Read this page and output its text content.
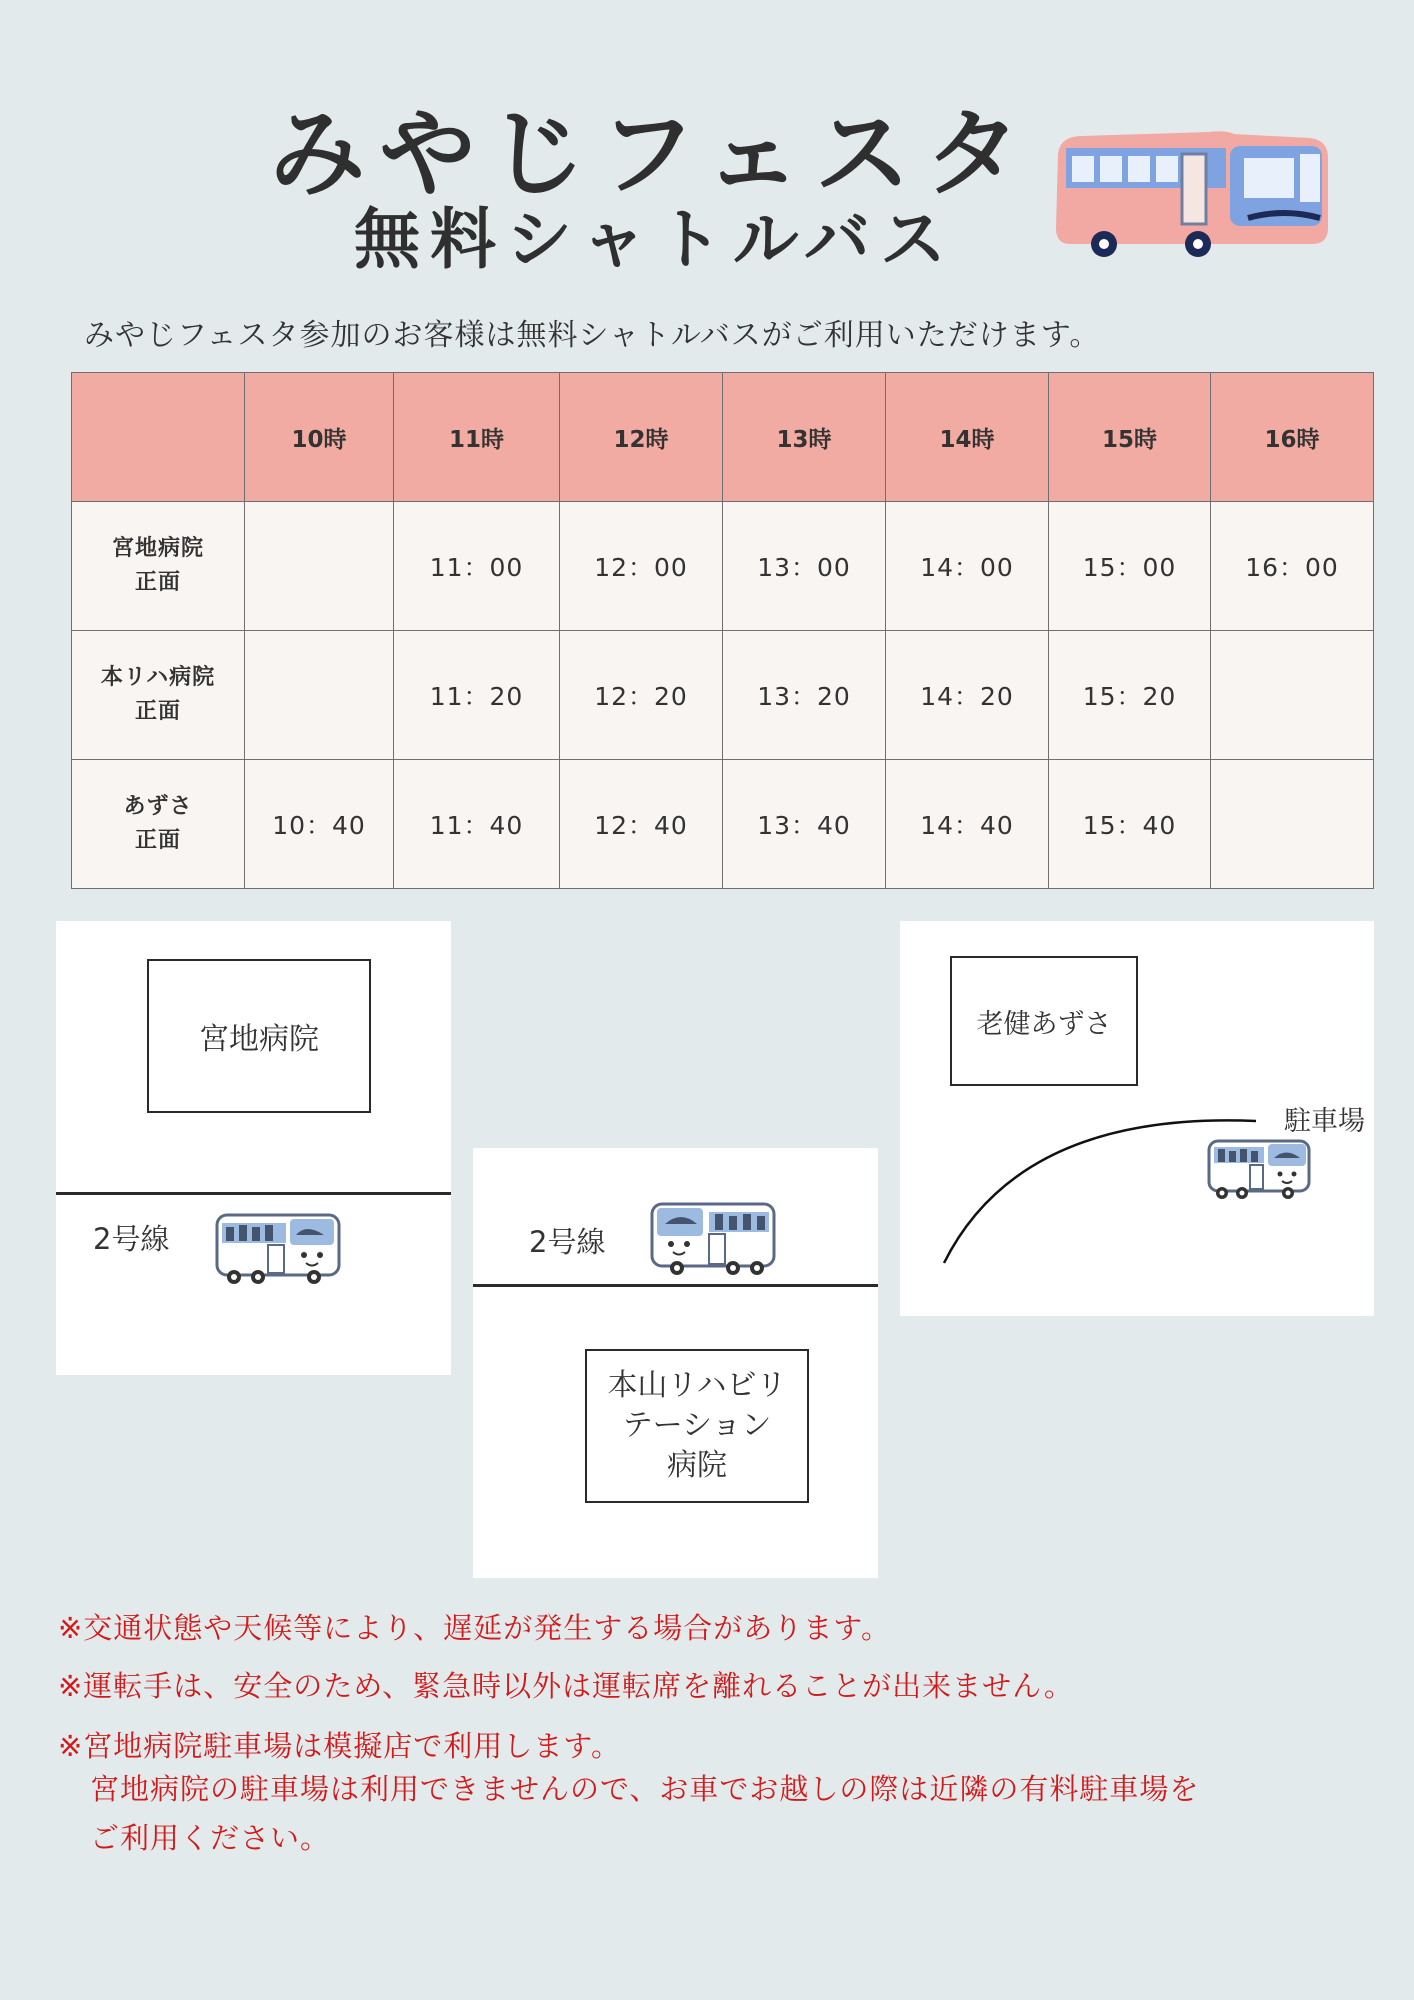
みやじフェスタ
無料シャトルバス
みやじフェスタ参加のお客様は無料シャトルバスがご利用いただけます。
	10時	11時	12時	13時	14時	15時	16時

宮地病院
正面		11：00	12：00	13：00	14：00	15：00	16：00

本リハ病院
正面		11：20	12：20	13：20	14：20	15：20	

あずさ
正面	10：40	11：40	12：40	13：40	14：40	15：40	
宮地病院
2号線	2号線
本山リハビリ
テーション
病院
老健あずさ
駐車場
※交通状態や天候等により、遅延が発生する場合があります。
※運転手は、安全のため、緊急時以外は運転席を離れることが出来ません。
※宮地病院駐車場は模擬店で利用します。
宮地病院の駐車場は利用できませんので、お車でお越しの際は近隣の有料駐車場を
ご利用ください。
